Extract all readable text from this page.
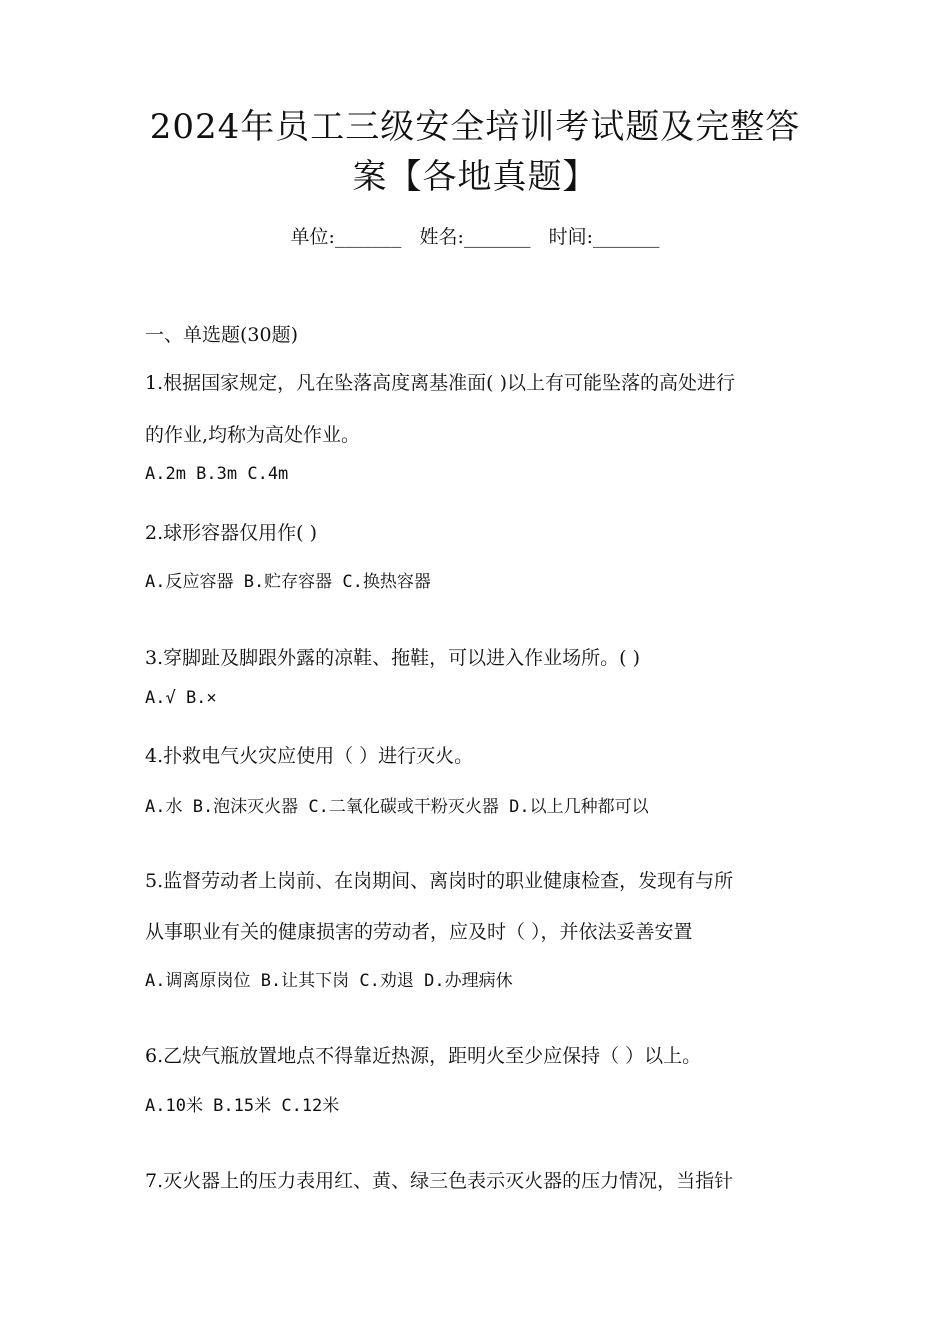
2024年员工三级安全培训考试题及完整答
案【各地真题】
单位:_______ 姓名:_______ 时间:_______
一、单选题(30题)
1.根据国家规定，凡在坠落高度离基准面( )以上有可能坠落的高处进行
的作业,均称为高处作业。
A.2m B.3m C.4m
2.球形容器仅用作( )
A.反应容器 B.贮存容器 C.换热容器
3.穿脚趾及脚跟外露的凉鞋、拖鞋，可以进入作业场所。( )
A.√ B.×
4.扑救电气火灾应使用（ ）进行灭火。
A.水 B.泡沫灭火器 C.二氧化碳或干粉灭火器 D.以上几种都可以
5.监督劳动者上岗前、在岗期间、离岗时的职业健康检查，发现有与所
从事职业有关的健康损害的劳动者，应及时（ ），并依法妥善安置
A.调离原岗位 B.让其下岗 C.劝退 D.办理病休
6.乙炔气瓶放置地点不得靠近热源，距明火至少应保持（ ）以上。
A.10米 B.15米 C.12米
7.灭火器上的压力表用红、黄、绿三色表示灭火器的压力情况，当指针
